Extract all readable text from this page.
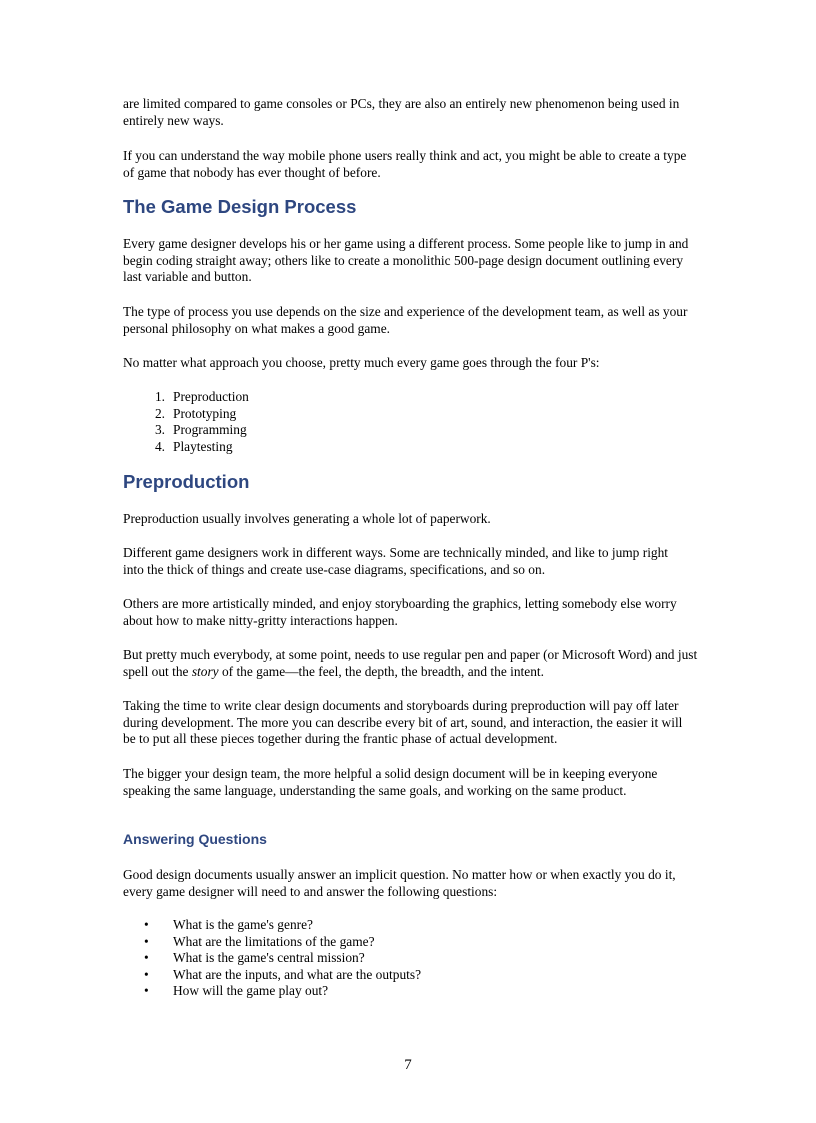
are limited compared to game consoles or PCs, they are also an entirely new phenomenon being used in entirely new ways.

If you can understand the way mobile phone users really think and act, you might be able to create a type of game that nobody has ever thought of before.

The Game Design Process

Every game designer develops his or her game using a different process. Some people like to jump in and begin coding straight away; others like to create a monolithic 500-page design document outlining every last variable and button.

The type of process you use depends on the size and experience of the development team, as well as your personal philosophy on what makes a good game.

No matter what approach you choose, pretty much every game goes through the four P's:

1. Preproduction
2. Prototyping
3. Programming
4. Playtesting
Preproduction

Preproduction usually involves generating a whole lot of paperwork.

Different game designers work in different ways. Some are technically minded, and like to jump right into the thick of things and create use-case diagrams, specifications, and so on.

Others are more artistically minded, and enjoy storyboarding the graphics, letting somebody else worry about how to make nitty-gritty interactions happen.

But pretty much everybody, at some point, needs to use regular pen and paper (or Microsoft Word) and just spell out the story of the game—the feel, the depth, the breadth, and the intent.

Taking the time to write clear design documents and storyboards during preproduction will pay off later during development. The more you can describe every bit of art, sound, and interaction, the easier it will be to put all these pieces together during the frantic phase of actual development.

The bigger your design team, the more helpful a solid design document will be in keeping everyone speaking the same language, understanding the same goals, and working on the same product.

Answering Questions

Good design documents usually answer an implicit question. No matter how or when exactly you do it, every game designer will need to and answer the following questions:

• What is the game's genre?
• What are the limitations of the game?
• What is the game's central mission?
• What are the inputs, and what are the outputs?
• How will the game play out?
7
